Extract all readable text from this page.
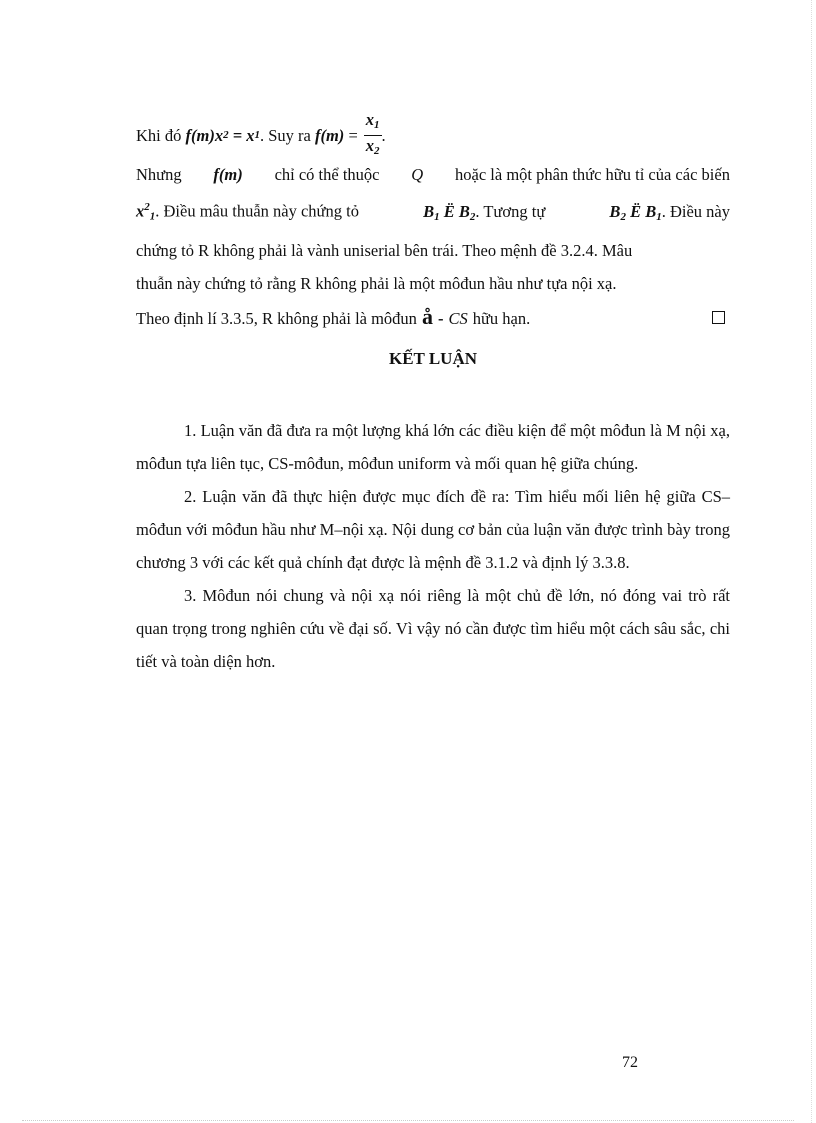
Khi đó
f (m) x 2
= x 1 . Suy ra
f(m)
= $\frac{x_1}{x_2}$ .
Nhưng f(m) chỉ có thể thuộc Q hoặc là một phân thức hữu tỉ của các biến
$x^2_1$. Điều mâu thuẫn này chứng tỏ	$B_1$ Ë $B_2$. Tương tự	$B_2$ Ë $B_1$. Điều này
chứng tỏ R không phải là vành uniserial bên trái. Theo mệnh đề 3.2.4. Mâu
thuẫn này chứng tỏ rằng R không phải là một môđun hầu như tựa nội xạ.
Theo định lí 3.3.5, R không phải là môđun å - CS hữu hạn.
KẾT LUẬN

1. Luận văn đã đưa ra một lượng khá lớn các điều kiện để một môđun là M nội xạ, môđun tựa liên tục, CS-môđun, môđun uniform và mối quan hệ giữa chúng.

2. Luận văn đã thực hiện được mục đích đề ra: Tìm hiểu mối liên hệ giữa CS–môđun với môđun hầu như M–nội xạ. Nội dung cơ bản của luận văn được trình bày trong chương 3 với các kết quả chính đạt được là mệnh đề 3.1.2 và định lý 3.3.8.

3. Môđun nói chung và nội xạ nói riêng là một chủ đề lớn, nó đóng vai trò rất quan trọng trong nghiên cứu về đại số. Vì vậy nó cần được tìm hiểu một cách sâu sắc, chi tiết và toàn diện hơn.

72
